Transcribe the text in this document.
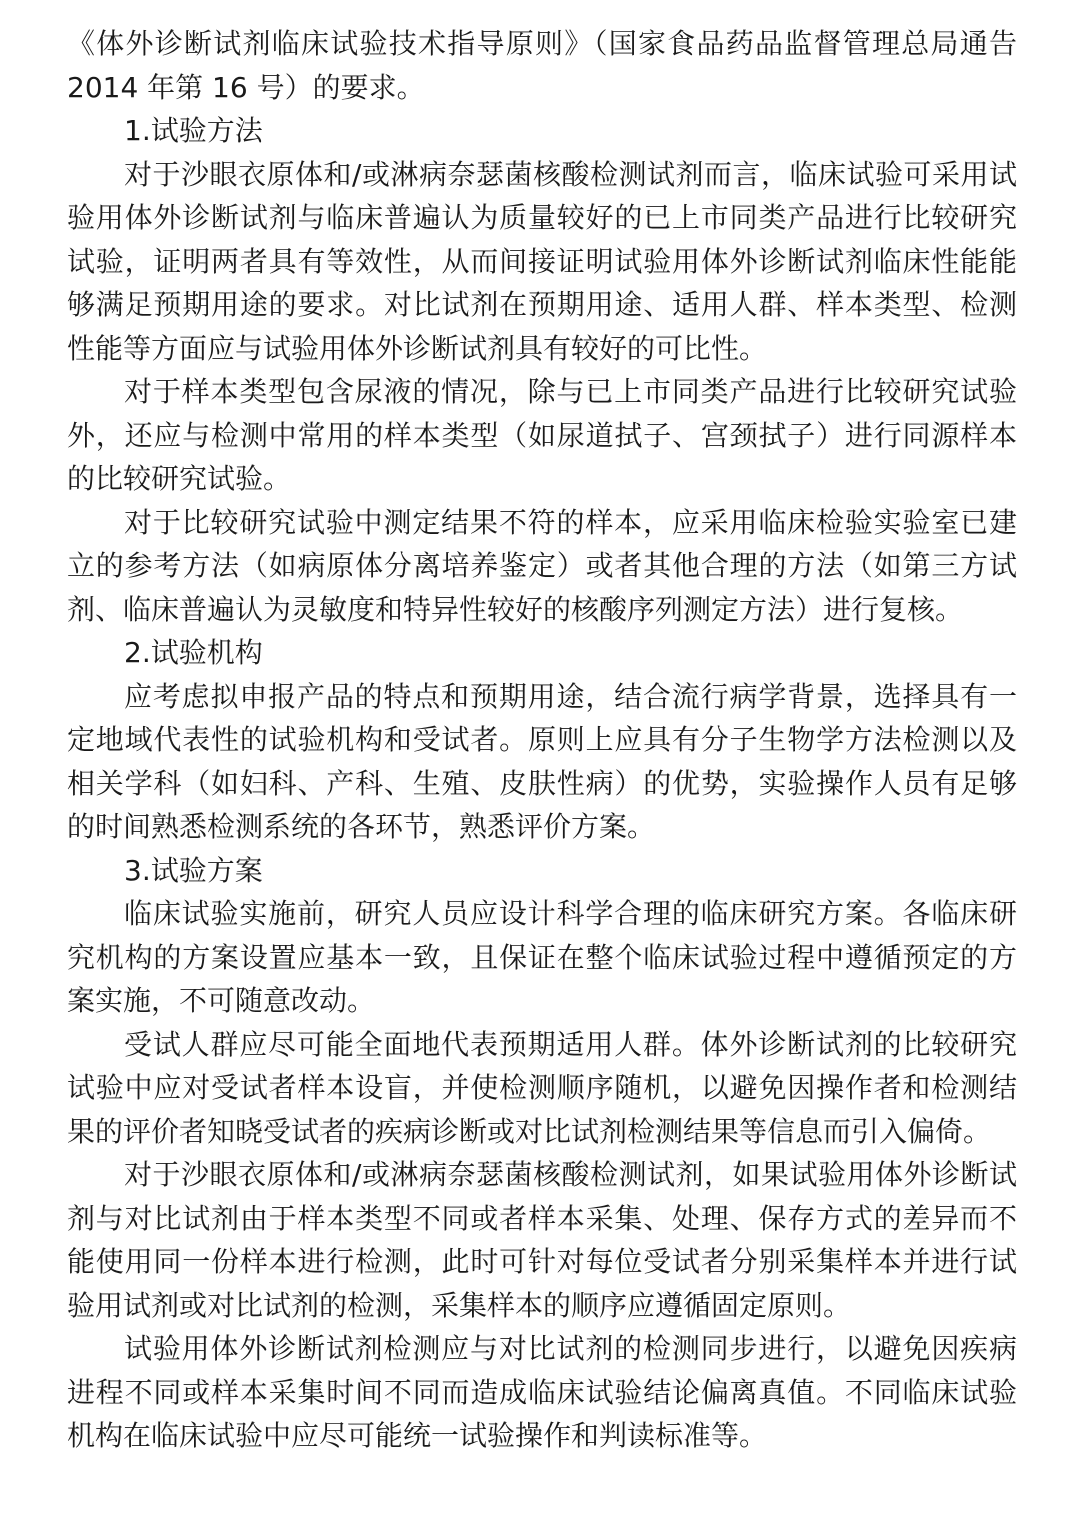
《体外诊断试剂临床试验技术指导原则》（国家食品药品监督管理总局通告2014 年第 16 号）的要求。

1.试验方法

对于沙眼衣原体和/或淋病奈瑟菌核酸检测试剂而言，临床试验可采用试验用体外诊断试剂与临床普遍认为质量较好的已上市同类产品进行比较研究试验，证明两者具有等效性，从而间接证明试验用体外诊断试剂临床性能能够满足预期用途的要求。对比试剂在预期用途、适用人群、样本类型、检测性能等方面应与试验用体外诊断试剂具有较好的可比性。

对于样本类型包含尿液的情况，除与已上市同类产品进行比较研究试验外，还应与检测中常用的样本类型（如尿道拭子、宫颈拭子）进行同源样本的比较研究试验。

对于比较研究试验中测定结果不符的样本，应采用临床检验实验室已建立的参考方法（如病原体分离培养鉴定）或者其他合理的方法（如第三方试剂、临床普遍认为灵敏度和特异性较好的核酸序列测定方法）进行复核。

2.试验机构

应考虑拟申报产品的特点和预期用途，结合流行病学背景，选择具有一定地域代表性的试验机构和受试者。原则上应具有分子生物学方法检测以及相关学科（如妇科、产科、生殖、皮肤性病）的优势，实验操作人员有足够的时间熟悉检测系统的各环节，熟悉评价方案。

3.试验方案

临床试验实施前，研究人员应设计科学合理的临床研究方案。各临床研究机构的方案设置应基本一致，且保证在整个临床试验过程中遵循预定的方案实施，不可随意改动。

受试人群应尽可能全面地代表预期适用人群。体外诊断试剂的比较研究试验中应对受试者样本设盲，并使检测顺序随机，以避免因操作者和检测结果的评价者知晓受试者的疾病诊断或对比试剂检测结果等信息而引入偏倚。

对于沙眼衣原体和/或淋病奈瑟菌核酸检测试剂，如果试验用体外诊断试剂与对比试剂由于样本类型不同或者样本采集、处理、保存方式的差异而不能使用同一份样本进行检测，此时可针对每位受试者分别采集样本并进行试验用试剂或对比试剂的检测，采集样本的顺序应遵循固定原则。

试验用体外诊断试剂检测应与对比试剂的检测同步进行，以避免因疾病进程不同或样本采集时间不同而造成临床试验结论偏离真值。不同临床试验机构在临床试验中应尽可能统一试验操作和判读标准等。
